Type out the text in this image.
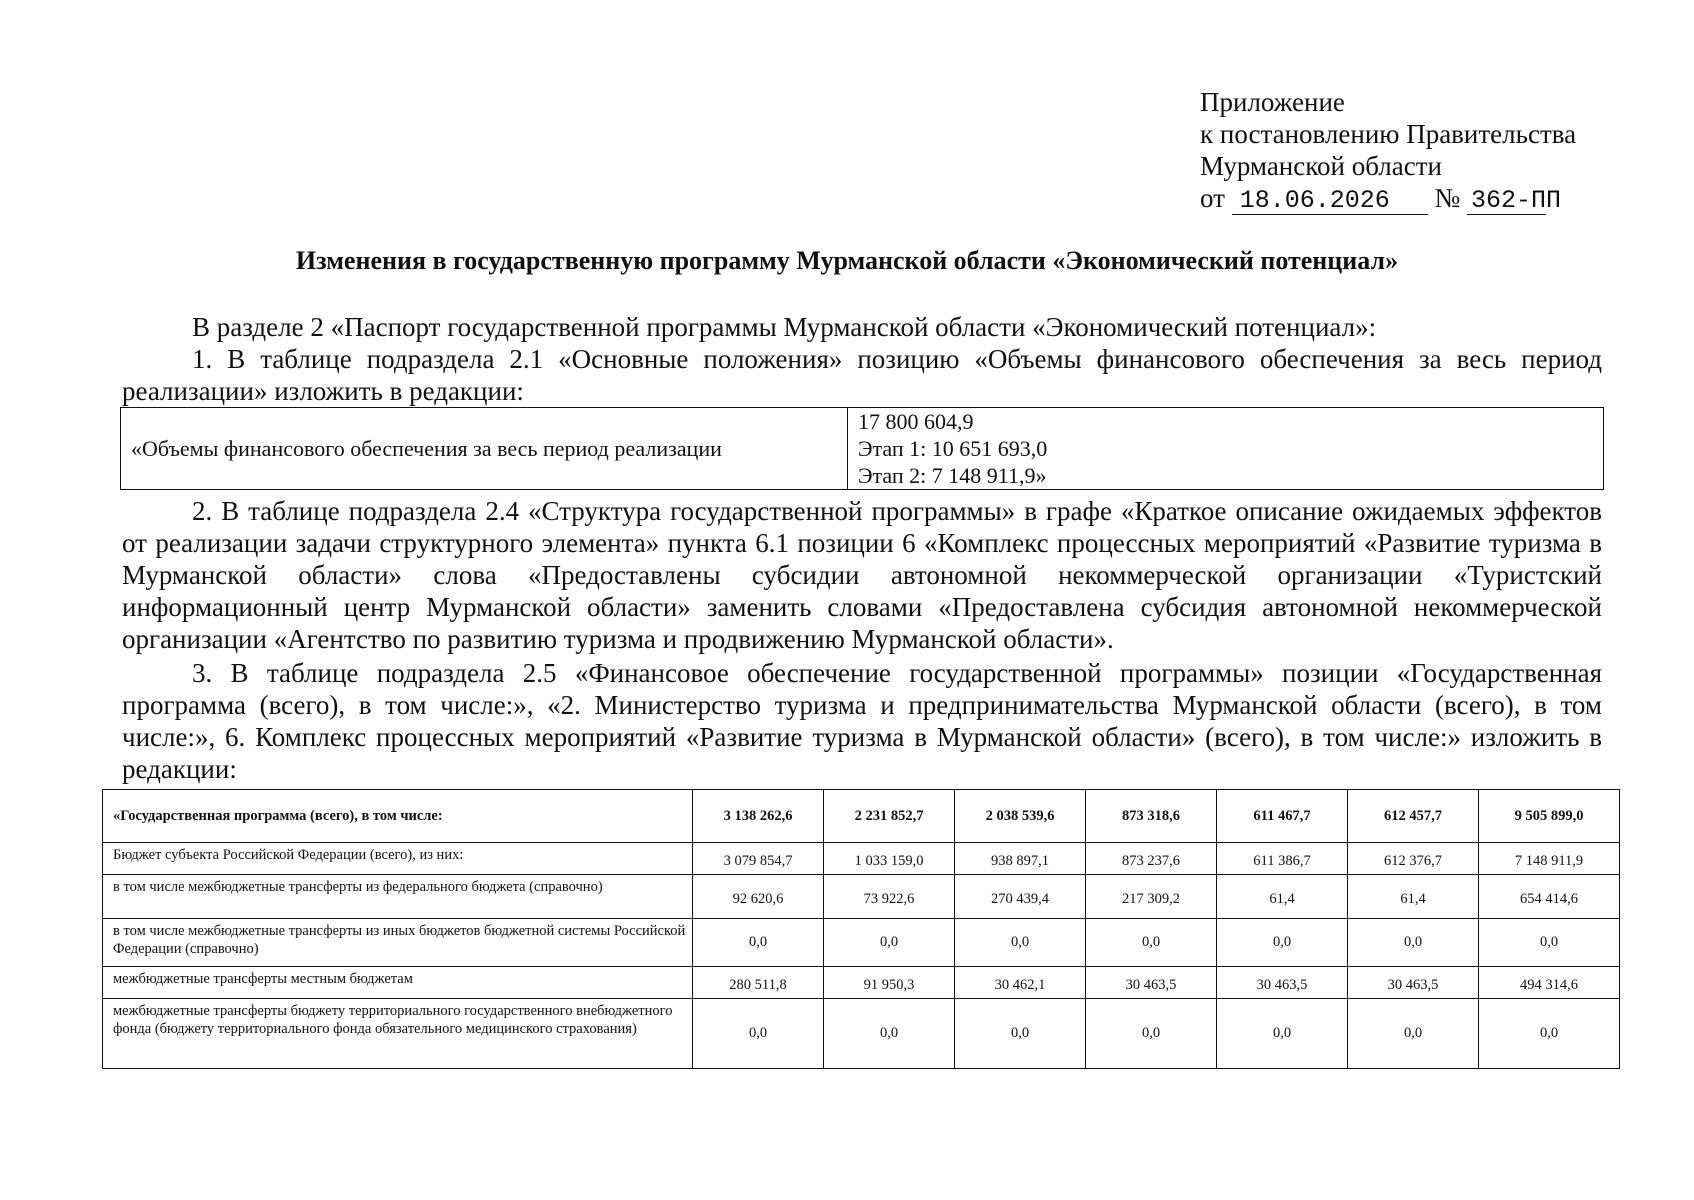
Приложение
к постановлению Правительства
Мурманской области
от 18.06.2026 № 362-ПП
Изменения в государственную программу Мурманской области «Экономический потенциал»
В разделе 2 «Паспорт государственной программы Мурманской области «Экономический потенциал»:
1. В таблице подраздела 2.1 «Основные положения» позицию «Объемы финансового обеспечения за весь период реализации» изложить в редакции:
«Объемы финансового обеспечения за весь период реализации	
17 800 604,9
Этап 1: 10 651 693,0
Этап 2: 7 148 911,9»
2. В таблице подраздела 2.4 «Структура государственной программы» в графе «Краткое описание ожидаемых эффектов от реализации задачи структурного элемента» пункта 6.1 позиции 6 «Комплекс процессных мероприятий «Развитие туризма в Мурманской области» слова «Предоставлены субсидии автономной некоммерческой организации «Туристский информационный центр Мурманской области» заменить словами «Предоставлена субсидия автономной некоммерческой организации «Агентство по развитию туризма и продвижению Мурманской области».
3. В таблице подраздела 2.5 «Финансовое обеспечение государственной программы» позиции «Государственная программа (всего), в том числе:», «2. Министерство туризма и предпринимательства Мурманской области (всего), в том числе:», 6. Комплекс процессных мероприятий «Развитие туризма в Мурманской области» (всего), в том числе:» изложить в редакции:
«Государственная программа (всего), в том числе:	3 138 262,6	2 231 852,7	2 038 539,6	873 318,6	611 467,7	612 457,7	9 505 899,0
Бюджет субъекта Российской Федерации (всего), из них:	3 079 854,7	1 033 159,0	938 897,1	873 237,6	611 386,7	612 376,7	7 148 911,9
в том числе межбюджетные трансферты из федерального бюджета (справочно)	92 620,6	73 922,6	270 439,4	217 309,2	61,4	61,4	654 414,6
в том числе межбюджетные трансферты из иных бюджетов бюджетной системы Российской Федерации (справочно)	0,0	0,0	0,0	0,0	0,0	0,0	0,0
межбюджетные трансферты местным бюджетам	280 511,8	91 950,3	30 462,1	30 463,5	30 463,5	30 463,5	494 314,6
межбюджетные трансферты бюджету территориального государственного внебюджетного фонда (бюджету территориального фонда обязательного медицинского страхования)	0,0	0,0	0,0	0,0	0,0	0,0	0,0
